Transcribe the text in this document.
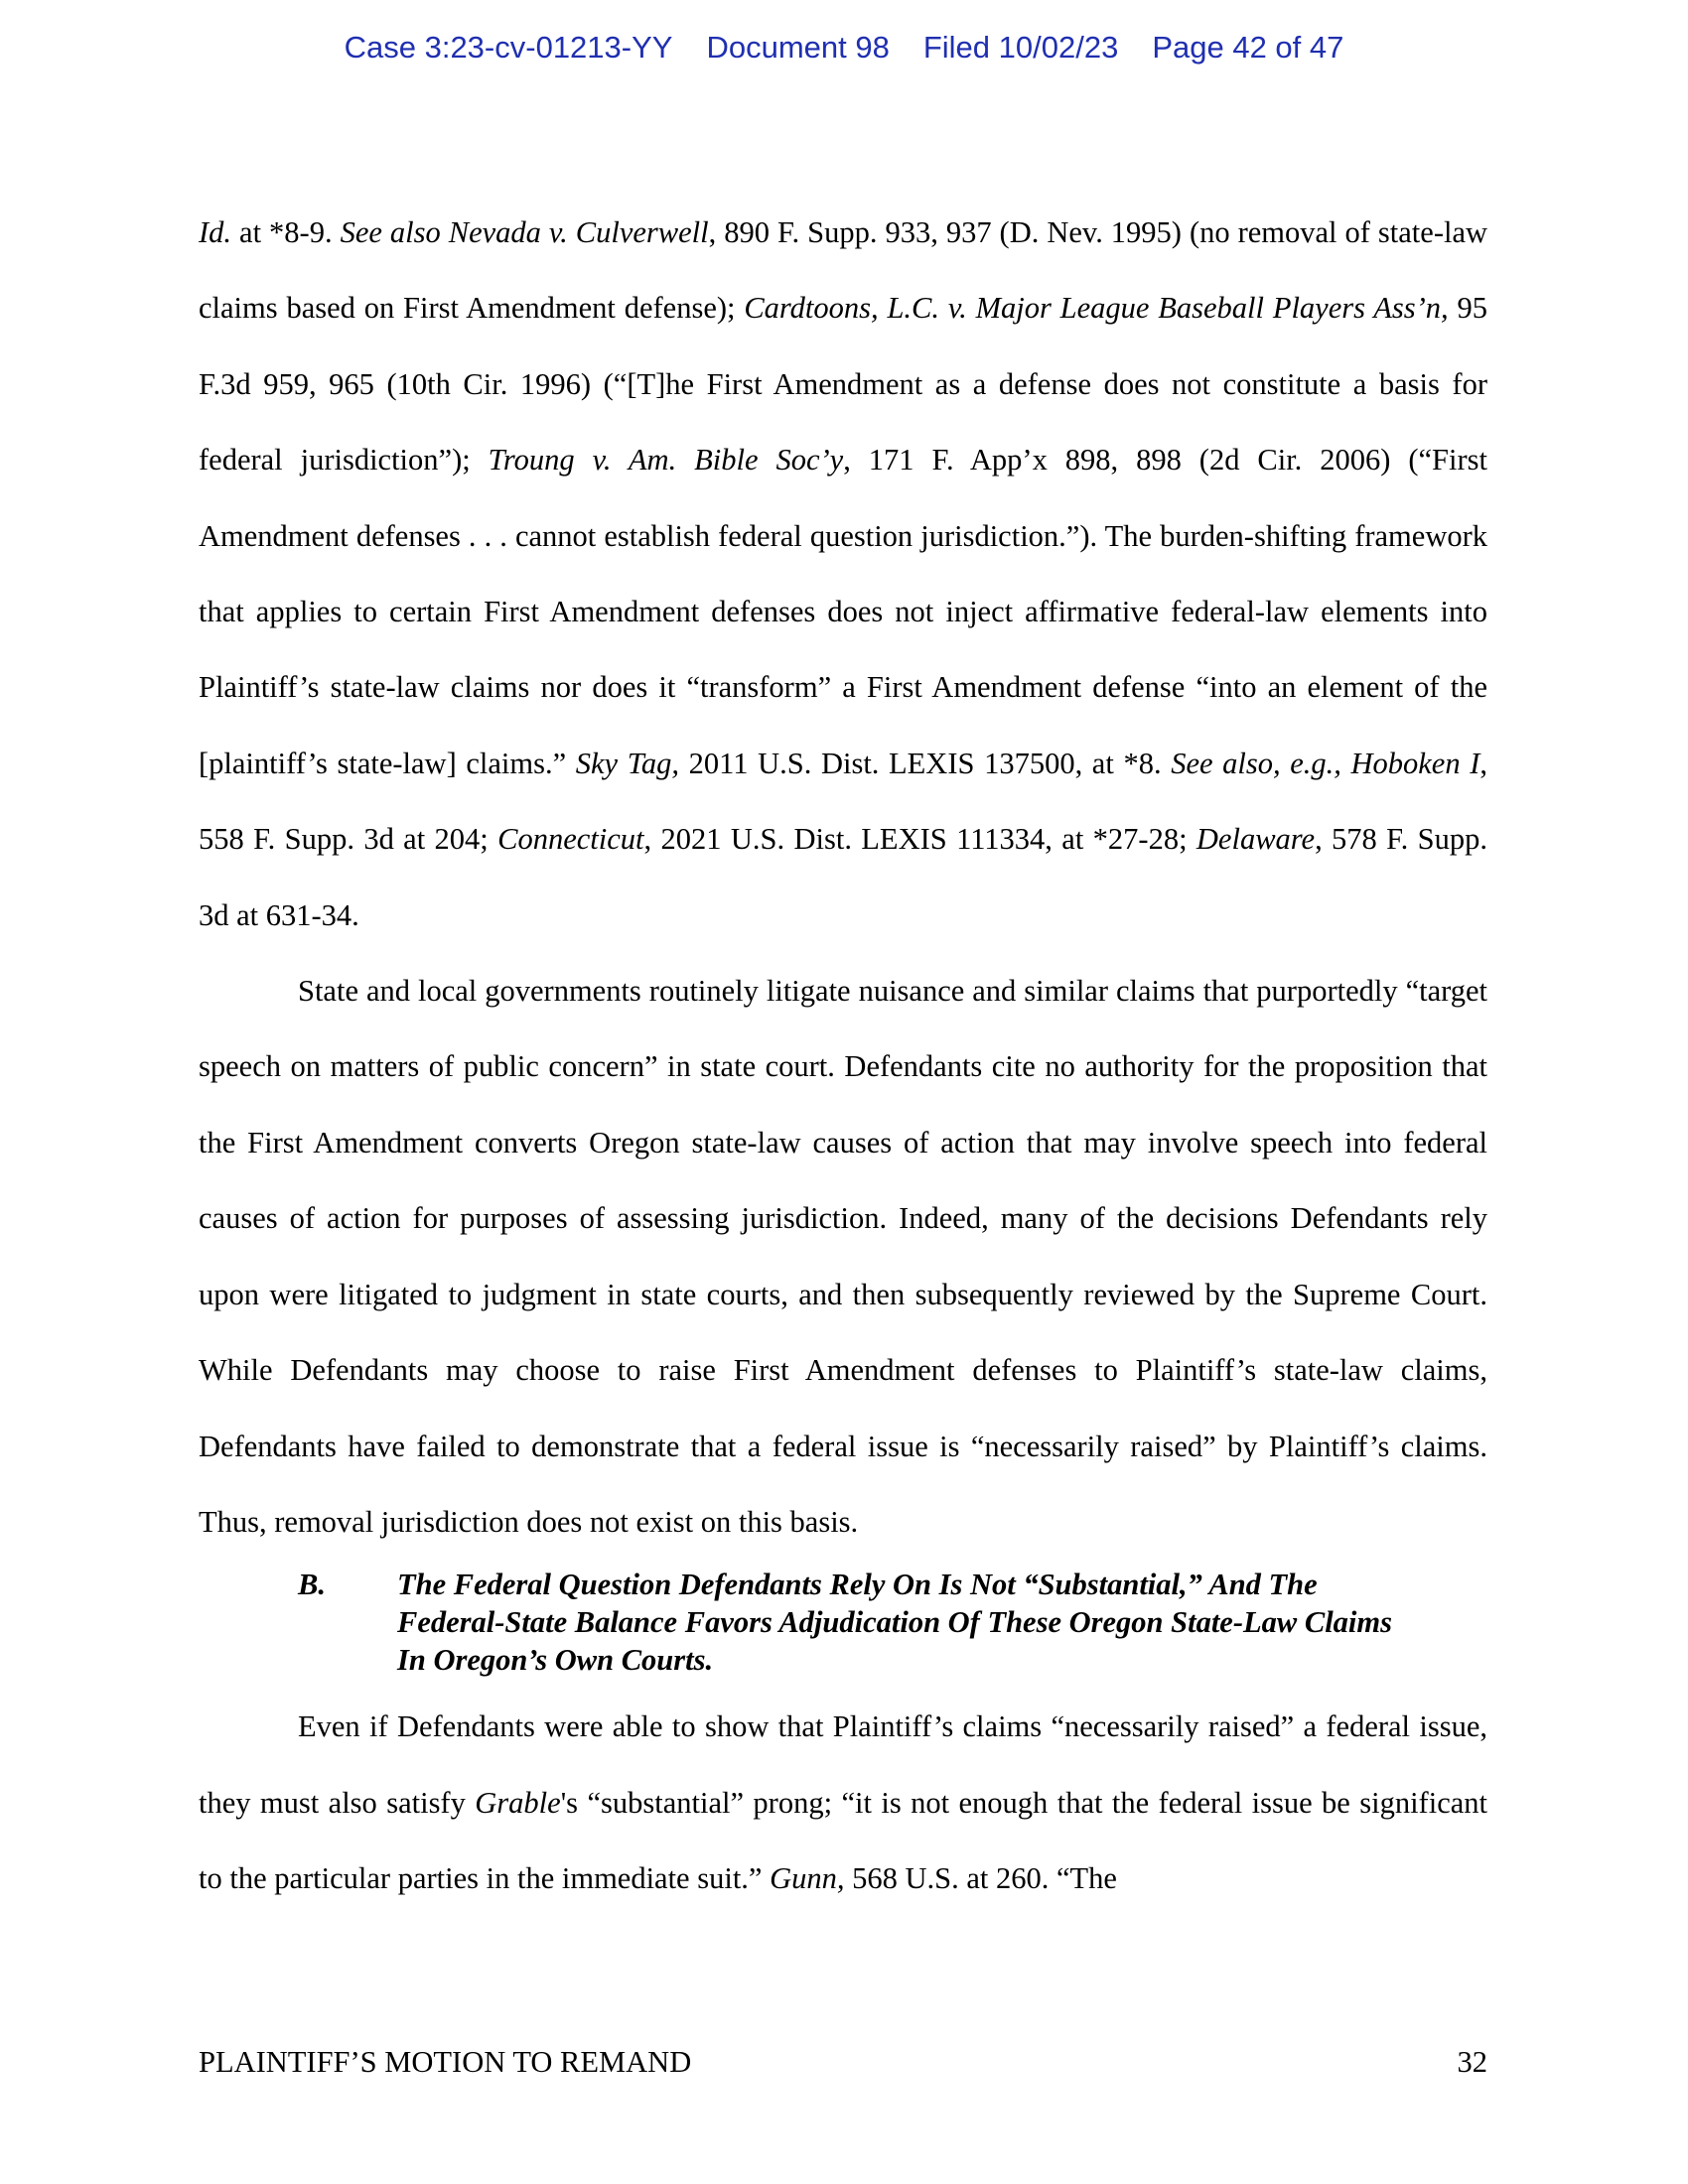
Case 3:23-cv-01213-YY Document 98 Filed 10/02/23 Page 42 of 47

Id. at *8-9. See also Nevada v. Culverwell, 890 F. Supp. 933, 937 (D. Nev. 1995) (no removal of state-law claims based on First Amendment defense); Cardtoons, L.C. v. Major League Baseball Players Ass’n, 95 F.3d 959, 965 (10th Cir. 1996) (“[T]he First Amendment as a defense does not constitute a basis for federal jurisdiction”); Troung v. Am. Bible Soc’y, 171 F. App’x 898, 898 (2d Cir. 2006) (“First Amendment defenses . . . cannot establish federal question jurisdiction.”). The burden-shifting framework that applies to certain First Amendment defenses does not inject affirmative federal-law elements into Plaintiff’s state-law claims nor does it “transform” a First Amendment defense “into an element of the [plaintiff’s state-law] claims.” Sky Tag, 2011 U.S. Dist. LEXIS 137500, at *8. See also, e.g., Hoboken I, 558 F. Supp. 3d at 204; Connecticut, 2021 U.S. Dist. LEXIS 111334, at *27-28; Delaware, 578 F. Supp. 3d at 631-34.

State and local governments routinely litigate nuisance and similar claims that purportedly “target speech on matters of public concern” in state court. Defendants cite no authority for the proposition that the First Amendment converts Oregon state-law causes of action that may involve speech into federal causes of action for purposes of assessing jurisdiction. Indeed, many of the decisions Defendants rely upon were litigated to judgment in state courts, and then subsequently reviewed by the Supreme Court. While Defendants may choose to raise First Amendment defenses to Plaintiff’s state-law claims, Defendants have failed to demonstrate that a federal issue is “necessarily raised” by Plaintiff’s claims. Thus, removal jurisdiction does not exist on this basis.

B. The Federal Question Defendants Rely On Is Not “Substantial,” And The
Federal-State Balance Favors Adjudication Of These Oregon State-Law Claims
In Oregon’s Own Courts.

Even if Defendants were able to show that Plaintiff’s claims “necessarily raised” a federal issue, they must also satisfy Grable's “substantial” prong; “it is not enough that the federal issue be significant to the particular parties in the immediate suit.” Gunn, 568 U.S. at 260. “The

PLAINTIFF’S MOTION TO REMAND	32
